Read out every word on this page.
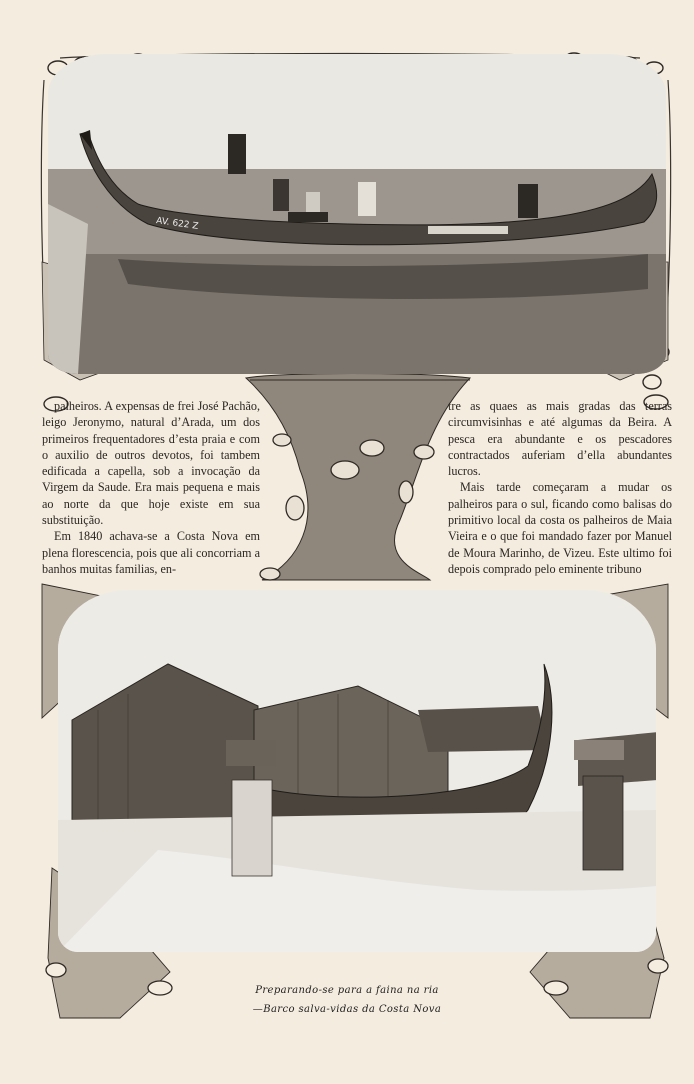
AV. 622 Z

palheiros. A expensas de frei José Pachão, leigo Jeronymo, natural d’Arada, um dos primeiros frequentadores d’esta praia e com o auxilio de outros devotos, foi tambem edificada a capella, sob a invocação da Virgem da Saude. Era mais pequena e mais ao norte da que hoje existe em sua substituição.

Em 1840 achava-se a Costa Nova em plena florescencia, pois que ali concorriam a banhos muitas familias, en-

tre as quaes as mais gradas das terras circumvisinhas e até algumas da Beira. A pesca era abundante e os pescadores contractados auferiam d’ella abundantes lucros.

Mais tarde começaram a mudar os palheiros para o sul, ficando como balisas do primitivo local da costa os palheiros de Maia Vieira e o que foi mandado fazer por Manuel de Moura Marinho, de Vizeu. Este ultimo foi depois comprado pelo eminente tribuno

Preparando-se para a faina na ria
—Barco salva-vidas da Costa Nova
